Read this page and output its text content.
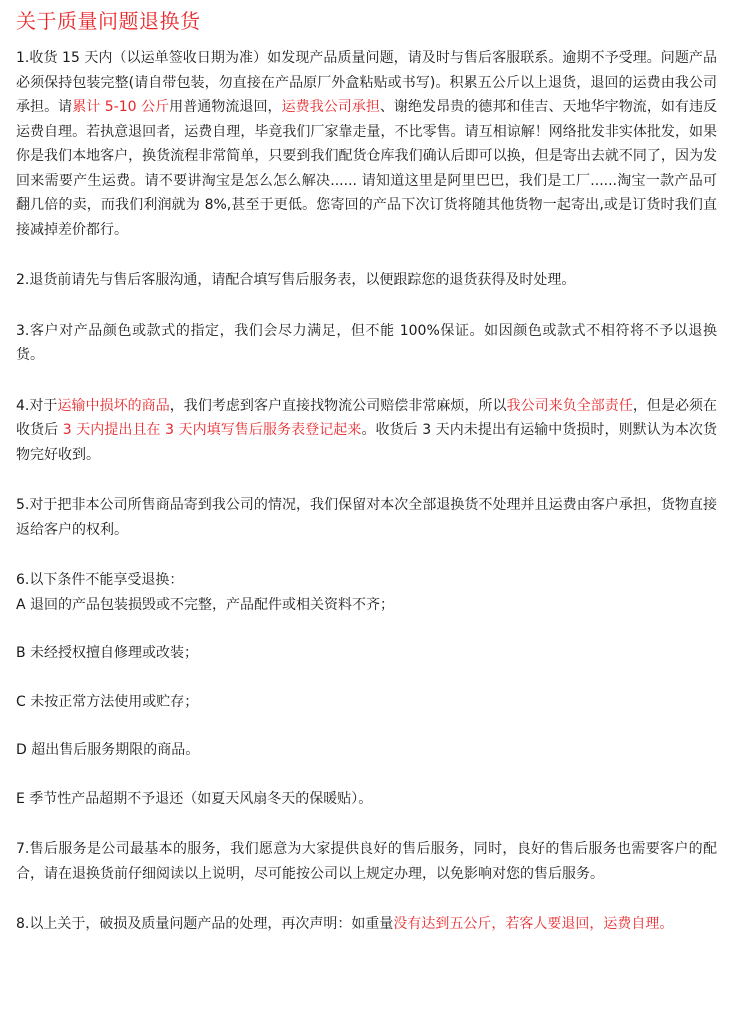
关于质量问题退换货

1.收货 15 天内（以运单签收日期为准）如发现产品质量问题，请及时与售后客服联系。逾期不予受理。问题产品必须保持包装完整(请自带包装，勿直接在产品原厂外盒粘贴或书写)。积累五公斤以上退货，退回的运费由我公司承担。请累计 5-10 公斤用普通物流退回，运费我公司承担、谢绝发昂贵的德邦和佳吉、天地华宇物流，如有违反运费自理。若执意退回者，运费自理，毕竟我们厂家靠走量，不比零售。请互相谅解！网络批发非实体批发，如果你是我们本地客户，换货流程非常简单，只要到我们配货仓库我们确认后即可以换，但是寄出去就不同了，因为发回来需要产生运费。请不要讲淘宝是怎么怎么解决...... 请知道这里是阿里巴巴，我们是工厂......淘宝一款产品可翻几倍的卖，而我们利润就为 8%,甚至于更低。您寄回的产品下次订货将随其他货物一起寄出,或是订货时我们直接减掉差价都行。

2.退货前请先与售后客服沟通，请配合填写售后服务表，以便跟踪您的退货获得及时处理。

3.客户对产品颜色或款式的指定，我们会尽力满足，但不能 100%保证。如因颜色或款式不相符将不予以退换货。

4.对于运输中损坏的商品，我们考虑到客户直接找物流公司赔偿非常麻烦，所以我公司来负全部责任，但是必须在收货后 3 天内提出且在 3 天内填写售后服务表登记起来。收货后 3 天内未提出有运输中货损时，则默认为本次货物完好收到。

5.对于把非本公司所售商品寄到我公司的情况，我们保留对本次全部退换货不处理并且运费由客户承担，货物直接返给客户的权利。

6.以下条件不能享受退换：

A 退回的产品包装损毁或不完整，产品配件或相关资料不齐；

B 未经授权擅自修理或改装；

C 未按正常方法使用或贮存；

D 超出售后服务期限的商品。

E 季节性产品超期不予退还（如夏天风扇冬天的保暖贴）。

7.售后服务是公司最基本的服务，我们愿意为大家提供良好的售后服务，同时，良好的售后服务也需要客户的配合，请在退换货前仔细阅读以上说明，尽可能按公司以上规定办理，以免影响对您的售后服务。

8.以上关于，破损及质量问题产品的处理，再次声明：如重量没有达到五公斤，若客人要退回，运费自理。
